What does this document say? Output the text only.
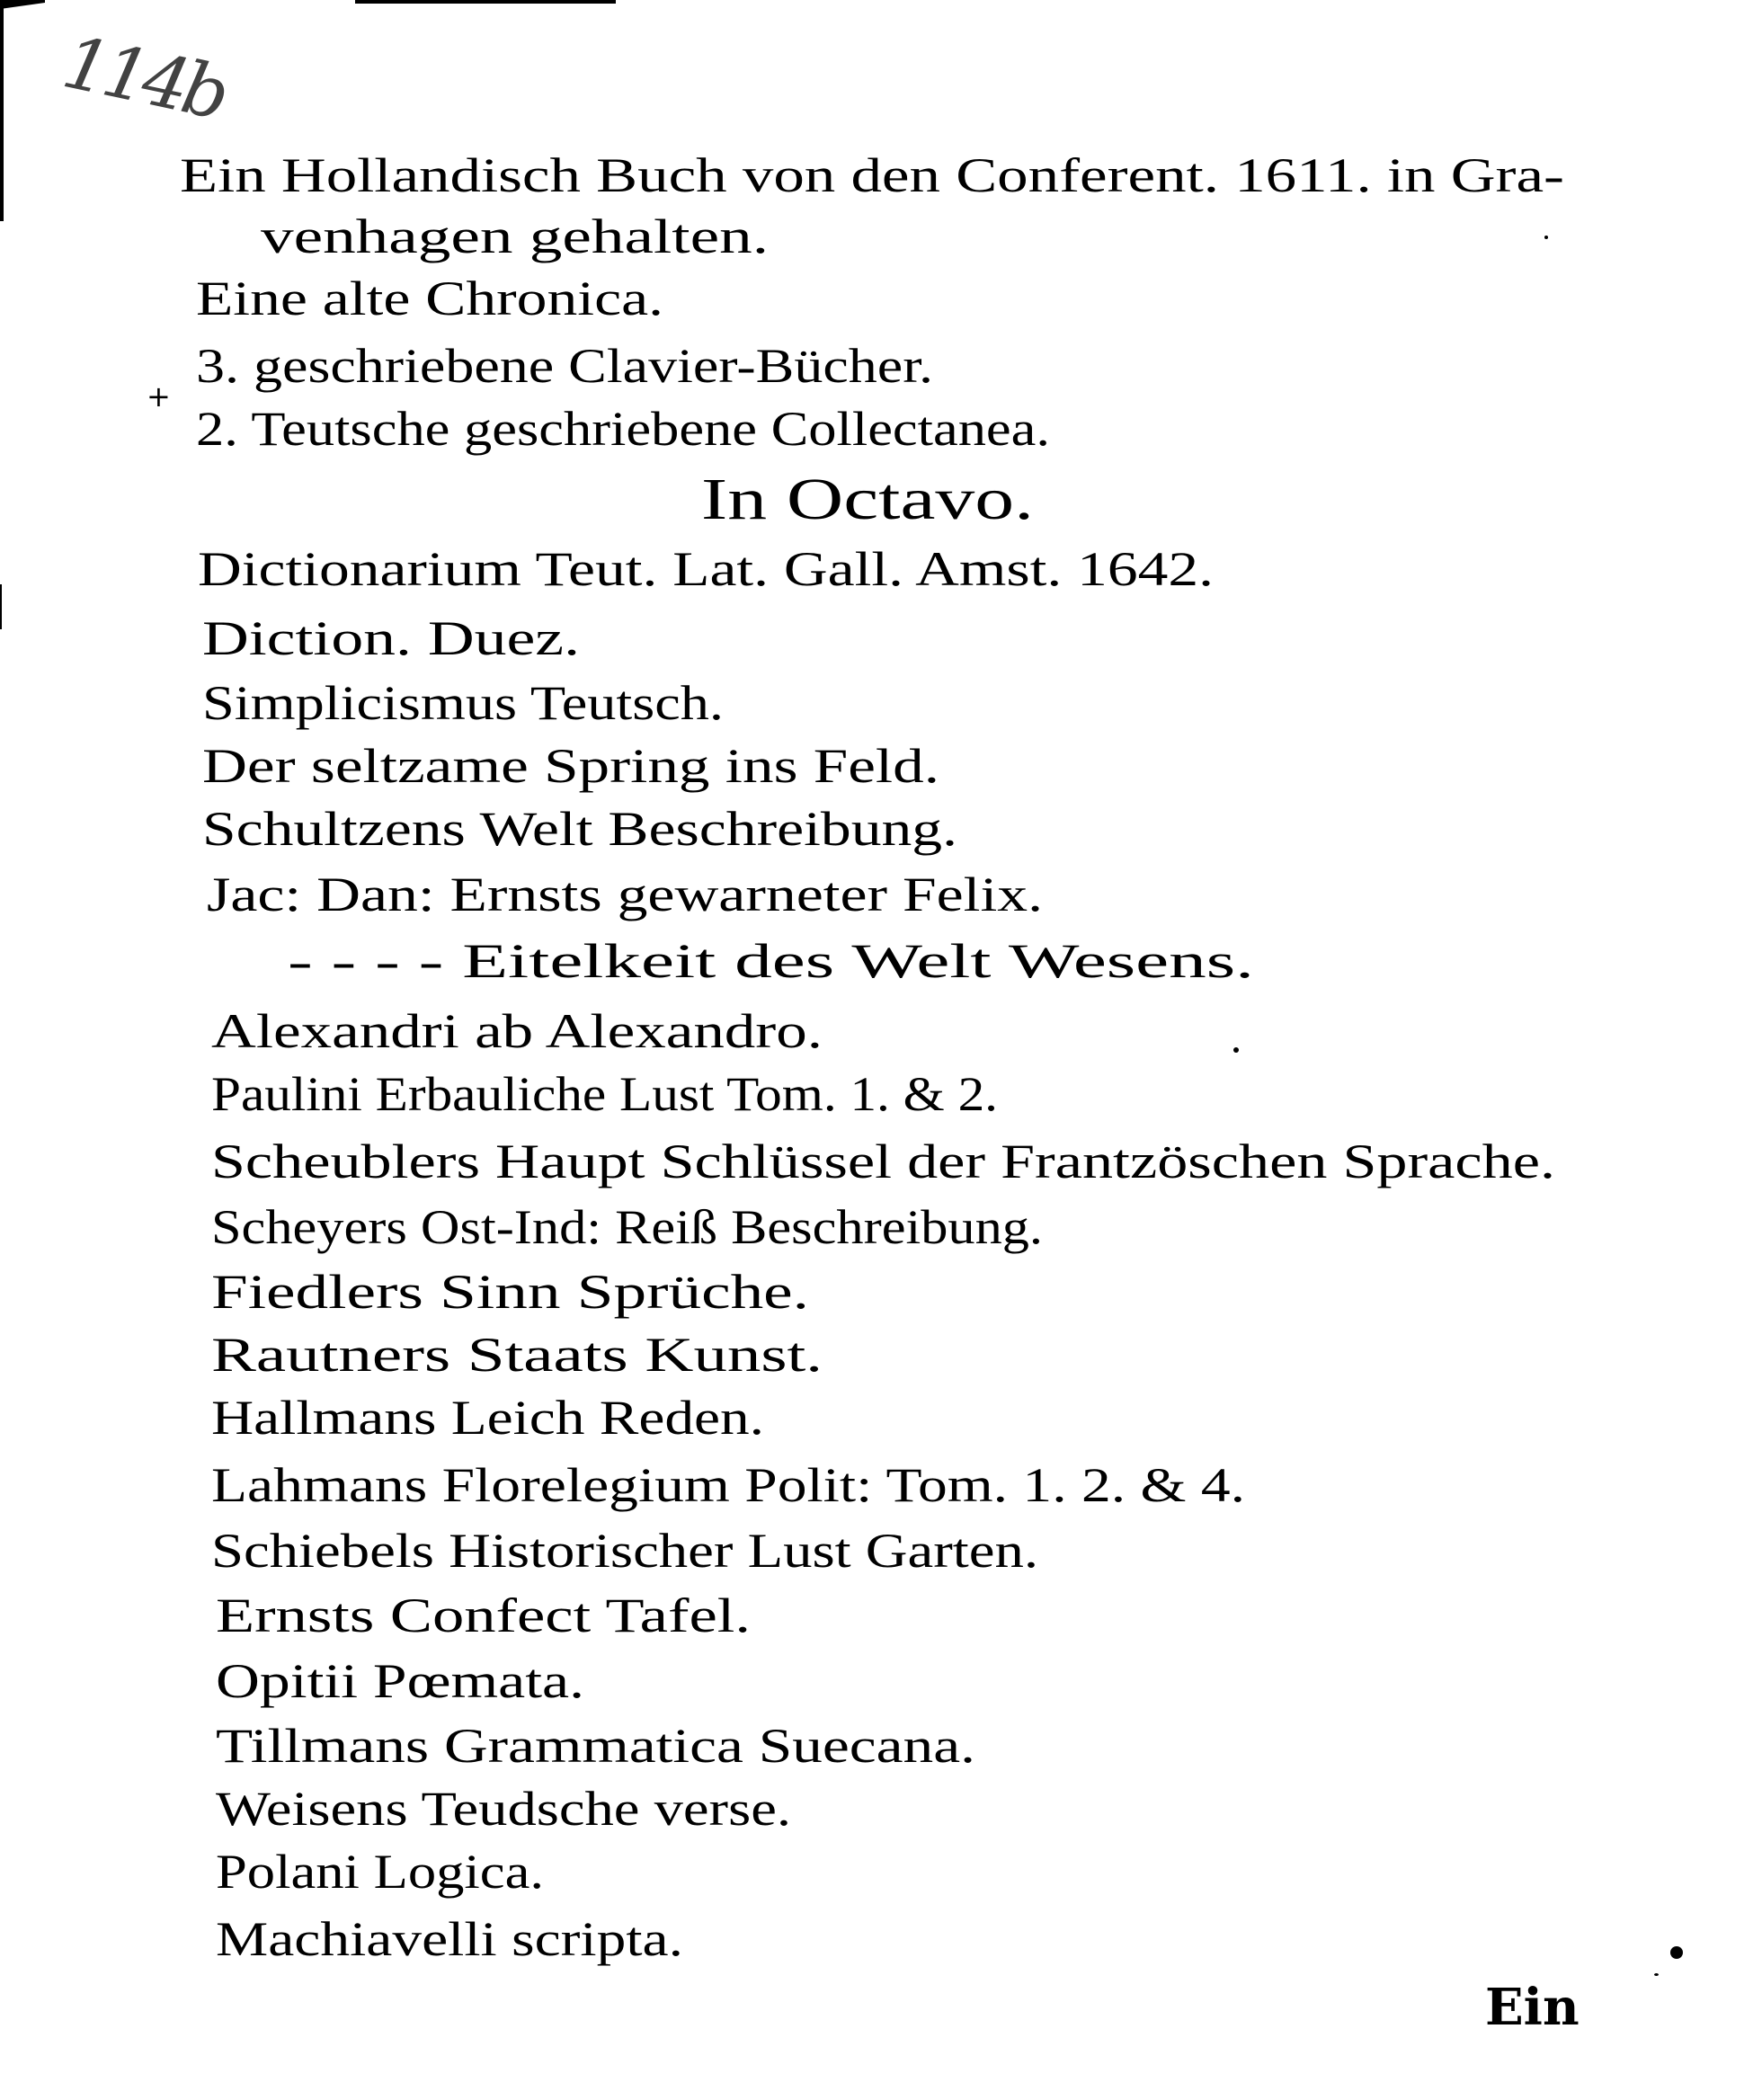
114b
+
Ein Hollandisch Buch von den Conferent. 1611. in Gra-
venhagen gehalten.
Eine alte Chronica.
3. geschriebene Clavier-Bücher.
2. Teutsche geschriebene Collectanea.
In Octavo.
Dictionarium Teut. Lat. Gall. Amst. 1642.
Diction. Duez.
Simplicismus Teutsch.
Der seltzame Spring ins Feld.
Schultzens Welt Beschreibung.
Jac: Dan: Ernsts gewarneter Felix.
- - - - Eitelkeit des Welt Wesens.
Alexandri ab Alexandro.
Paulini Erbauliche Lust Tom. 1. & 2.
Scheublers Haupt Schlüssel der Frantzöschen Sprache.
Scheyers Ost-Ind: Reiß Beschreibung.
Fiedlers Sinn Sprüche.
Rautners Staats Kunst.
Hallmans Leich Reden.
Lahmans Florelegium Polit: Tom. 1. 2. & 4.
Schiebels Historischer Lust Garten.
Ernsts Confect Tafel.
Opitii Pœmata.
Tillmans Grammatica Suecana.
Weisens Teudsche verse.
Polani Logica.
Machiavelli scripta.
Ein
